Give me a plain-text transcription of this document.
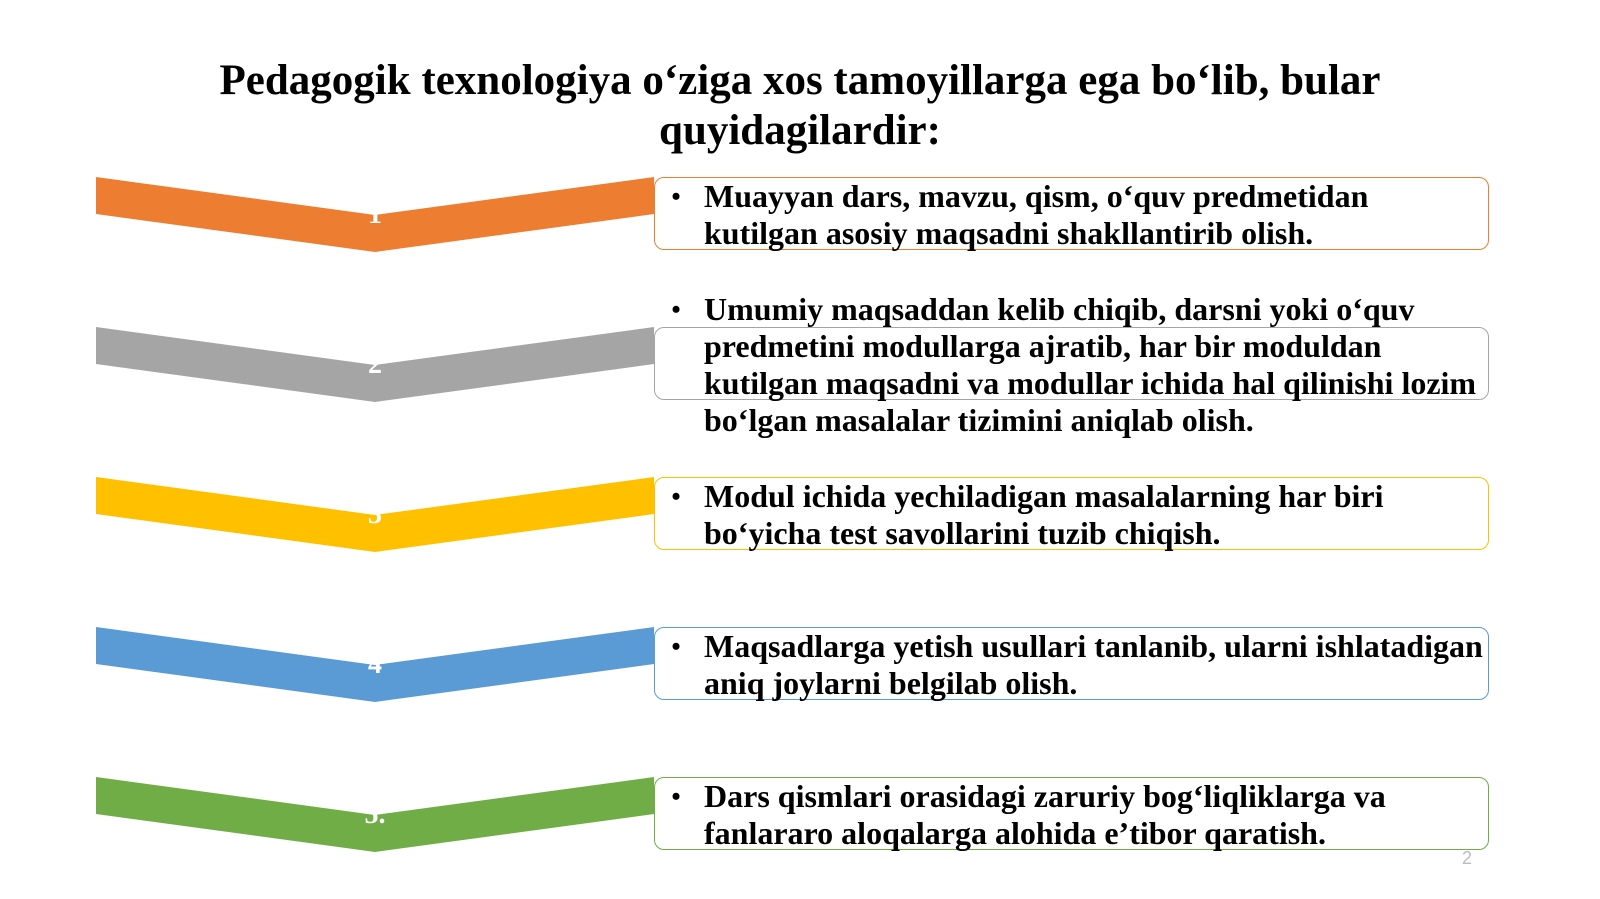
Pedagogik texnologiya o‘ziga xos tamoyillarga ega bo‘lib, bular quyidagilardir:
1
• Muayyan dars, mavzu, qism, o‘quv predmetidan kutilgan asosiy maqsadni shakllantirib olish.
2
• Umumiy maqsaddan kelib chiqib, darsni yoki o‘quv predmetini modullarga ajratib, har bir moduldan kutilgan maqsadni va modullar ichida hal qilinishi lozim bo‘lgan masalalar tizimini aniqlab olish.
3
• Modul ichida yechiladigan masalalarning har biri bo‘yicha test savollarini tuzib chiqish.
4
• Maqsadlarga yetish usullari tanlanib, ularni ishlatadigan aniq joylarni belgilab olish.
5.
• Dars qismlari orasidagi zaruriy bog‘liqliklarga va fanlararo aloqalarga alohida e’tibor qaratish.
2
